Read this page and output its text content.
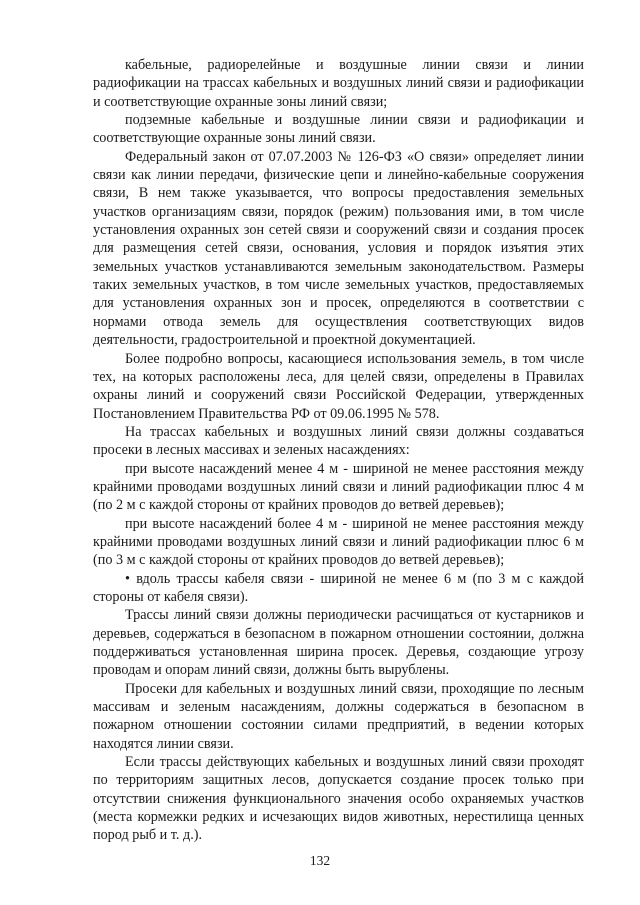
кабельные, радиорелейные и воздушные линии связи и линии радиофикации на трассах кабельных и воздушных линий связи и радиофикации и соответствующие охранные зоны линий связи;

подземные кабельные и воздушные линии связи и радиофикации и соответствующие охранные зоны линий связи.

Федеральный закон от 07.07.2003 № 126-ФЗ «О связи» определяет линии связи как линии передачи, физические цепи и линейно-кабельные сооружения связи, В нем также указывается, что вопросы предоставления земельных участков организациям связи, порядок (режим) пользования ими, в том числе установления охранных зон сетей связи и сооружений связи и создания просек для размещения сетей связи, основания, условия и порядок изъятия этих земельных участков устанавливаются земельным законодательством. Размеры таких земельных участков, в том числе земельных участков, предоставляемых для установления охранных зон и просек, определяются в соответствии с нормами отвода земель для осуществления соответствующих видов деятельности, градостроительной и проектной документацией.

Более подробно вопросы, касающиеся использования земель, в том числе тех, на которых расположены леса, для целей связи, определены в Правилах охраны линий и сооружений связи Российской Федерации, утвержденных Постановлением Правительства РФ от 09.06.1995 № 578.

На трассах кабельных и воздушных линий связи должны создаваться просеки в лесных массивах и зеленых насаждениях:

при высоте насаждений менее 4 м - шириной не менее расстояния между крайними проводами воздушных линий связи и линий радиофикации плюс 4 м (по 2 м с каждой стороны от крайних проводов до ветвей деревьев);

при высоте насаждений более 4 м - шириной не менее расстояния между крайними проводами воздушных линий связи и линий радиофикации плюс 6 м (по 3 м с каждой стороны от крайних проводов до ветвей деревьев);

• вдоль трассы кабеля связи - шириной не менее 6 м (по 3 м с каждой стороны от кабеля связи).

Трассы линий связи должны периодически расчищаться от кустарников и деревьев, содержаться в безопасном в пожарном отношении состоянии, должна поддерживаться установленная ширина просек. Деревья, создающие угрозу проводам и опорам линий связи, должны быть вырублены.

Просеки для кабельных и воздушных линий связи, проходящие по лесным массивам и зеленым насаждениям, должны содержаться в безопасном в пожарном отношении состоянии силами предприятий, в ведении которых находятся линии связи.

Если трассы действующих кабельных и воздушных линий связи проходят по территориям защитных лесов, допускается создание просек только при отсутствии снижения функционального значения особо охраняемых участков (места кормежки редких и исчезающих видов животных, нерестилища ценных пород рыб и т. д.).

132
